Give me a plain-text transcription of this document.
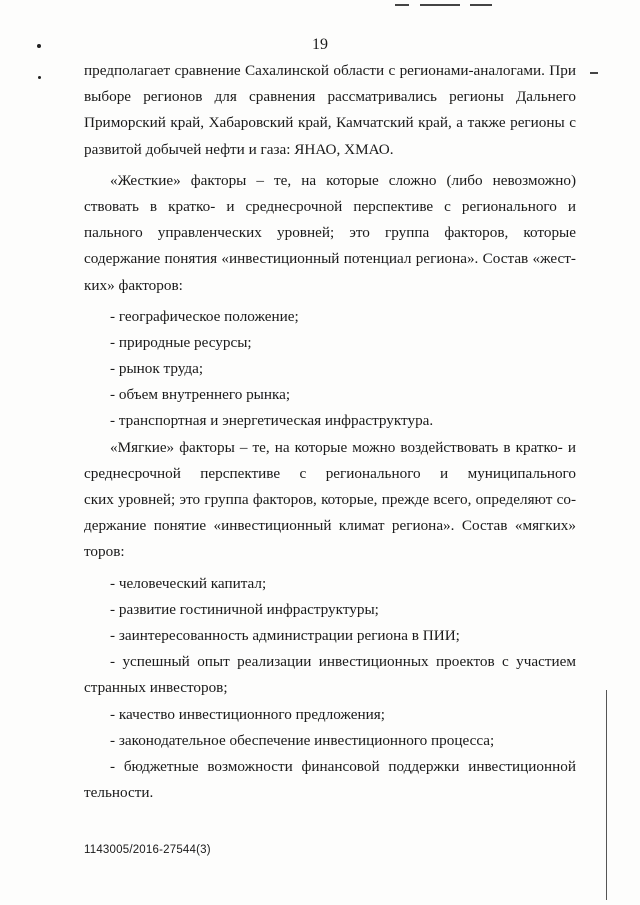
19
предполагает сравнение Сахалинской области с регионами-аналогами. При
выборе регионов для сравнения рассматривались регионы Дальнего
Приморский край, Хабаровский край, Камчатский край, а также регионы с
развитой добычей нефти и газа: ЯНАО, ХМАО.
«Жесткие» факторы – те, на которые сложно (либо невозможно)
ствовать в кратко- и среднесрочной перспективе с регионального и
пального управленческих уровней; это группа факторов, которые
содержание понятия «инвестиционный потенциал региона». Состав «жест-
ких» факторов:
- географическое положение;
- природные ресурсы;
- рынок труда;
- объем внутреннего рынка;
- транспортная и энергетическая инфраструктура.
«Мягкие» факторы – те, на которые можно воздействовать в кратко- и
среднесрочной перспективе с регионального и муниципального
ских уровней; это группа факторов, которые, прежде всего, определяют со-
держание понятие «инвестиционный климат региона». Состав «мягких»
торов:
- человеческий капитал;
- развитие гостиничной инфраструктуры;
- заинтересованность администрации региона в ПИИ;
- успешный опыт реализации инвестиционных проектов с участием
странных инвесторов;
- качество инвестиционного предложения;
- законодательное обеспечение инвестиционного процесса;
- бюджетные возможности финансовой поддержки инвестиционной
тельности.
1143005/2016-27544(3)
